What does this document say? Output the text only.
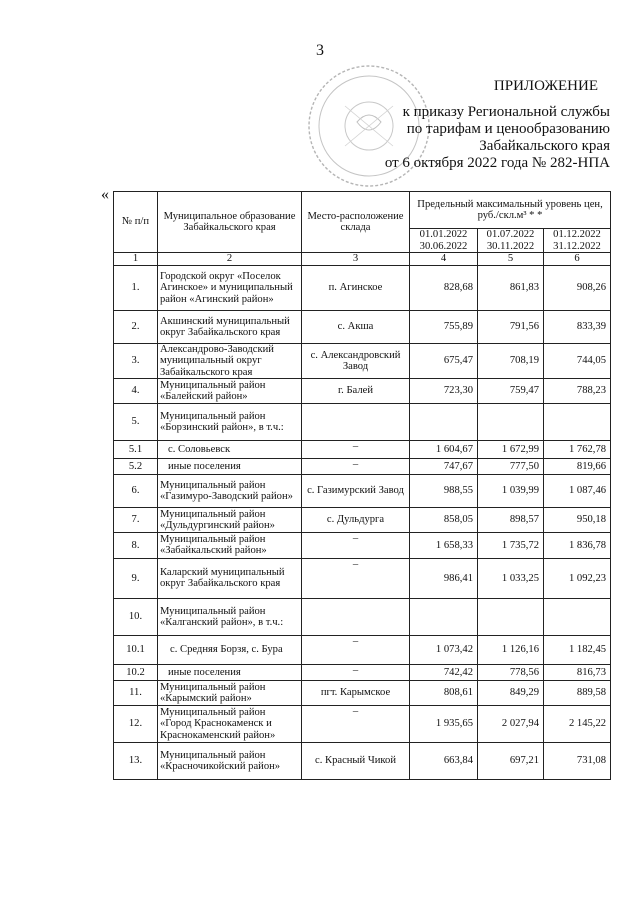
3
ПРИЛОЖЕНИЕ
к приказу Региональной службы
по тарифам и ценообразованию
Забайкальского края
от 6 октября 2022 года № 282-НПА
«
№ п/п	Муниципальное образование Забайкальского края	Место-расположение склада	Предельный максимальный уровень цен, руб./скл.м³ * *		
			01.01.2022 30.06.2022	01.07.2022 30.11.2022	01.12.2022 31.12.2022
1	2	3	4	5	6
1.	Городской округ «Поселок Агинское» и муниципальный район «Агинский район»	п. Агинское	828,68	861,83	908,26
2.	Акшинский муниципальный округ Забайкальского края	с. Акша	755,89	791,56	833,39
3.	Александрово-Заводский муниципальный округ Забайкальского края	с. Александровский Завод	675,47	708,19	744,05
4.	Муниципальный район «Балейский район»	г. Балей	723,30	759,47	788,23
5.	Муниципальный район «Борзинский район», в т.ч.:				
5.1	с. Соловьевск	–	1 604,67	1 672,99	1 762,78
5.2	иные поселения	–	747,67	777,50	819,66
6.	Муниципальный район «Газимуро-Заводский район»	с. Газимурский Завод	988,55	1 039,99	1 087,46
7.	Муниципальный район «Дульдургинский район»	с. Дульдурга	858,05	898,57	950,18
8.	Муниципальный район «Забайкальский район»	–	1 658,33	1 735,72	1 836,78
9.	Каларский муниципальный округ Забайкальского края	–	986,41	1 033,25	1 092,23
10.	Муниципальный район «Калганский район», в т.ч.:				
10.1	с. Средняя Борзя, с. Бура	–	1 073,42	1 126,16	1 182,45
10.2	иные поселения	–	742,42	778,56	816,73
11.	Муниципальный район «Карымский район»	пгт. Карымское	808,61	849,29	889,58
12.	Муниципальный район «Город Краснокаменск и Краснокаменский район»	–	1 935,65	2 027,94	2 145,22
13.	Муниципальный район «Красночикойский район»	с. Красный Чикой	663,84	697,21	731,08
